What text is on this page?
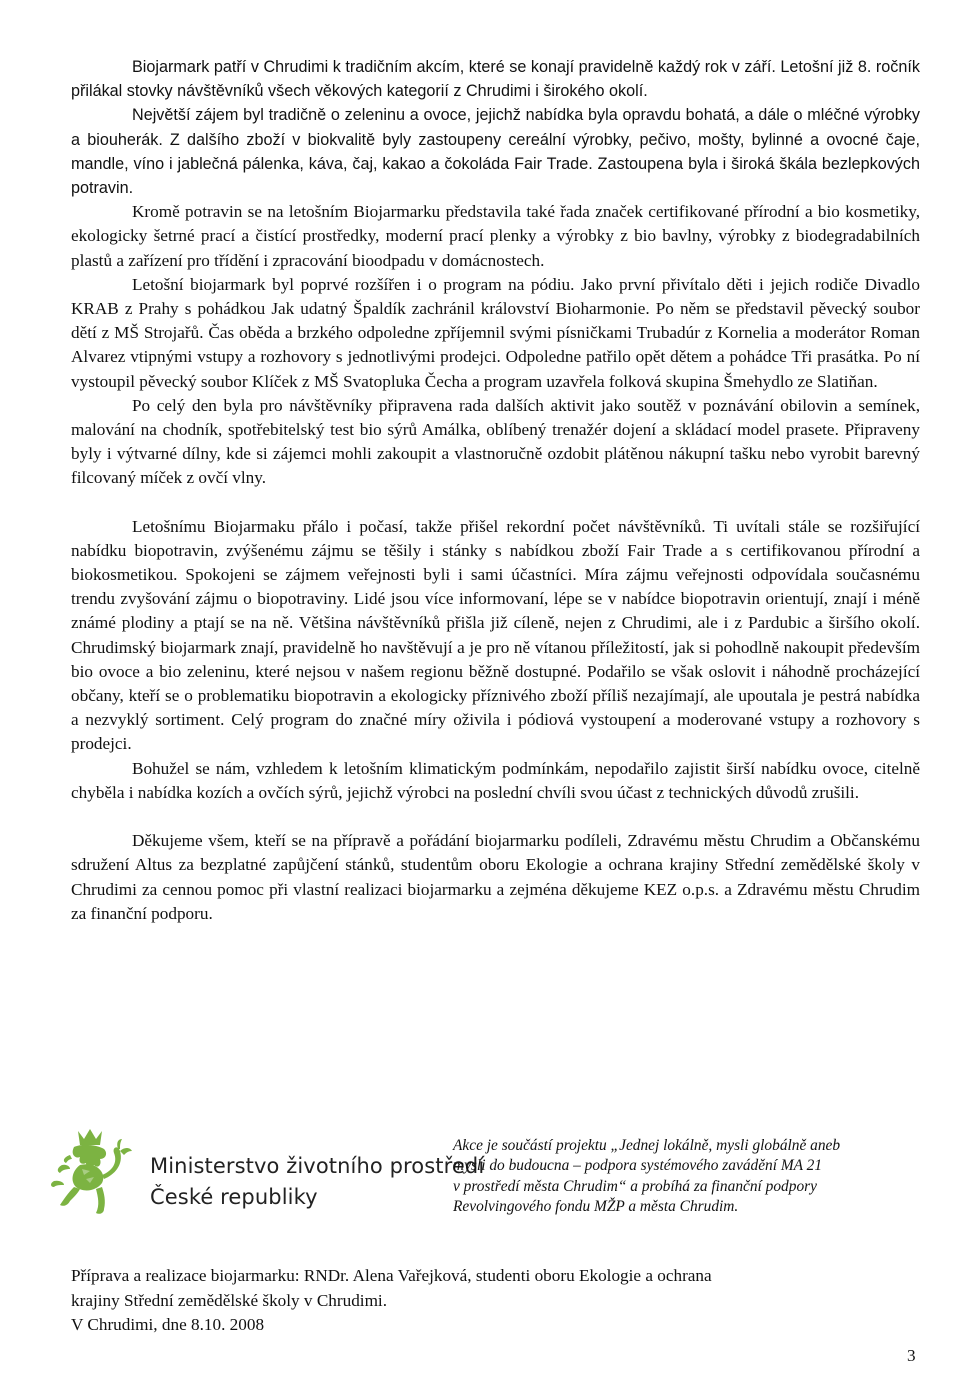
Biojarmark patří v Chrudimi k tradičním akcím, které se konají pravidelně každý rok v září. Letošní již 8. ročník přilákal stovky návštěvníků všech věkových kategorií z Chrudimi i širokého okolí.

Největší zájem byl tradičně o zeleninu a ovoce, jejichž nabídka byla opravdu bohatá, a dále o mléčné výrobky a biouherák. Z dalšího zboží v biokvalitě byly zastoupeny cereální výrobky, pečivo, mošty, bylinné a ovocné čaje, mandle, víno i jablečná pálenka, káva, čaj, kakao a čokoláda Fair Trade. Zastoupena byla i široká škála bezlepkových potravin.

Kromě potravin se na letošním Biojarmarku představila také řada značek certifikované přírodní a bio kosmetiky, ekologicky šetrné prací a čistící prostředky, moderní prací plenky a výrobky z bio bavlny, výrobky z biodegradabilních plastů a zařízení pro třídění i zpracování bioodpadu v domácnostech.

Letošní biojarmark byl poprvé rozšířen i o program na pódiu. Jako první přivítalo děti i jejich rodiče Divadlo KRAB z Prahy s pohádkou Jak udatný Špaldík zachránil království Bioharmonie. Po něm se představil pěvecký soubor dětí z MŠ Strojařů. Čas oběda a brzkého odpoledne zpříjemnil svými písničkami Trubadúr z Kornelia a moderátor Roman Alvarez vtipnými vstupy a rozhovory s jednotlivými prodejci. Odpoledne patřilo opět dětem a pohádce Tři prasátka. Po ní vystoupil pěvecký soubor Klíček z MŠ Svatopluka Čecha a program uzavřela folková skupina Šmehydlo ze Slatiňan.

Po celý den byla pro návštěvníky připravena rada dalších aktivit jako soutěž v poznávání obilovin a semínek, malování na chodník, spotřebitelský test bio sýrů Amálka, oblíbený trenažér dojení a skládací model prasete. Připraveny byly i výtvarné dílny, kde si zájemci mohli zakoupit a vlastnoručně ozdobit plátěnou nákupní tašku nebo vyrobit barevný filcovaný míček z ovčí vlny.

Letošnímu Biojarmaku přálo i počasí, takže přišel rekordní počet návštěvníků. Ti uvítali stále se rozšiřující nabídku biopotravin, zvýšenému zájmu se těšily i stánky s nabídkou zboží Fair Trade a s certifikovanou přírodní a biokosmetikou. Spokojeni se zájmem veřejnosti byli i sami účastníci. Míra zájmu veřejnosti odpovídala současnému trendu zvyšování zájmu o biopotraviny. Lidé jsou více informovaní, lépe se v nabídce biopotravin orientují, znají i méně známé plodiny a ptají se na ně. Většina návštěvníků přišla již cíleně, nejen z Chrudimi, ale i z Pardubic a širšího okolí. Chrudimský biojarmark znají, pravidelně ho navštěvují a je pro ně vítanou příležitostí, jak si pohodlně nakoupit především bio ovoce a bio zeleninu, které nejsou v našem regionu běžně dostupné. Podařilo se však oslovit i náhodně procházející občany, kteří se o problematiku biopotravin a ekologicky příznivého zboží příliš nezajímají, ale upoutala je pestrá nabídka a nezvyklý sortiment. Celý program do značné míry oživila i pódiová vystoupení a moderované vstupy a rozhovory s prodejci.

Bohužel se nám, vzhledem k letošním klimatickým podmínkám, nepodařilo zajistit širší nabídku ovoce, citelně chyběla i nabídka kozích a ovčích sýrů, jejichž výrobci na poslední chvíli svou účast z technických důvodů zrušili.

Děkujeme všem, kteří se na přípravě a pořádání biojarmarku podíleli, Zdravému městu Chrudim a Občanskému sdružení Altus za bezplatné zapůjčení stánků, studentům oboru Ekologie a ochrana krajiny Střední zemědělské školy v Chrudimi za cennou pomoc při vlastní realizaci biojarmarku a zejména děkujeme KEZ o.p.s. a Zdravému městu Chrudim za finanční podporu.

Ministerstvo životního prostředí
České republiky
Akce je součástí projektu „Jednej lokálně, mysli globálně aneb
mysli do budoucna – podpora systémového zavádění MA 21
v prostředí města Chrudim“ a probíhá za finanční podpory
Revolvingového fondu MŽP a města Chrudim.
Příprava a realizace biojarmarku: RNDr. Alena Vařejková, studenti oboru Ekologie a ochrana
krajiny Střední zemědělské školy v Chrudimi.
V Chrudimi, dne 8.10. 2008
3
